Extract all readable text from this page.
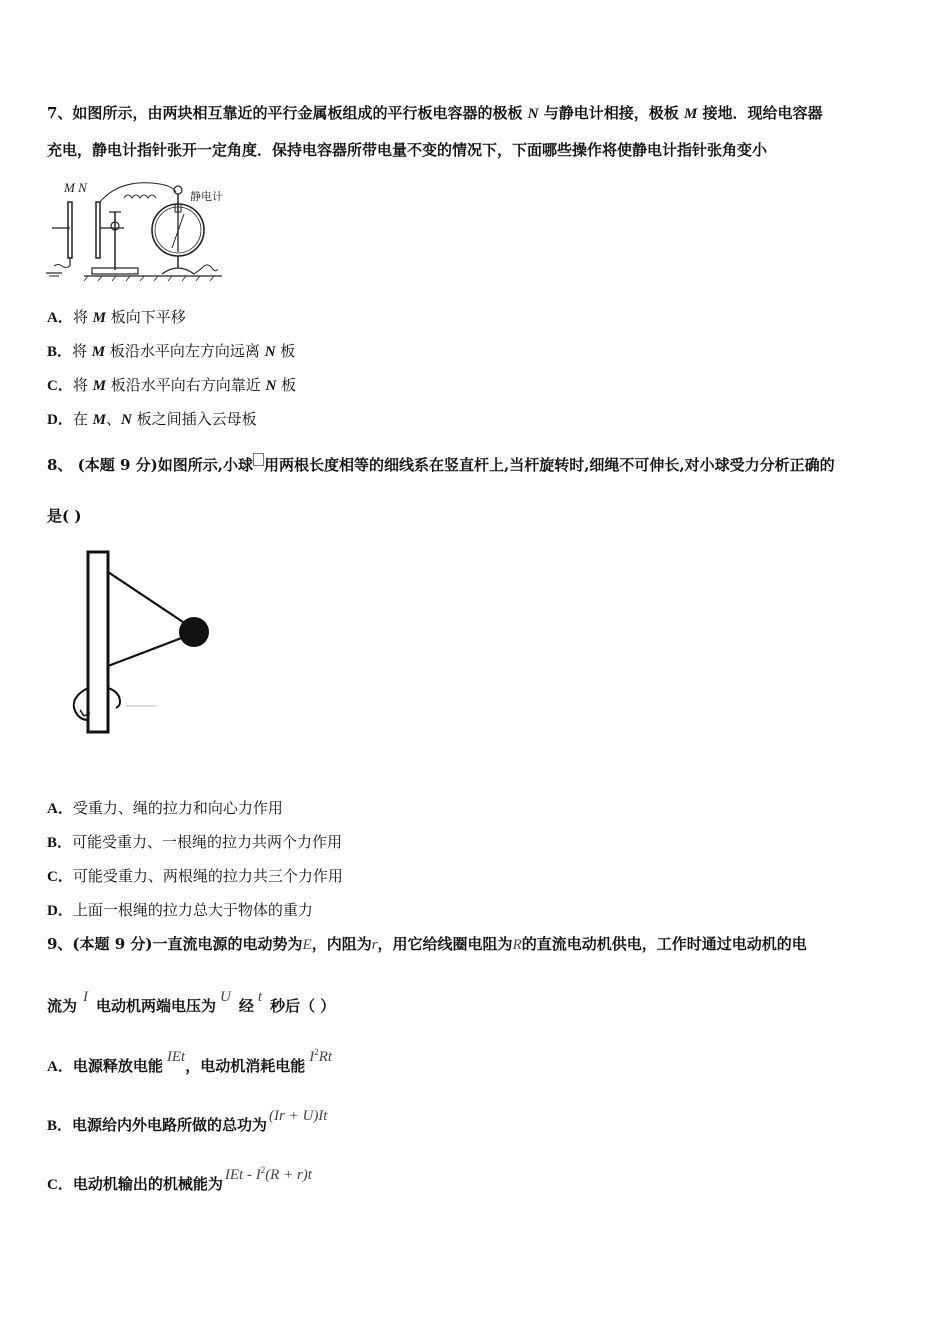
7、如图所示，由两块相互靠近的平行金属板组成的平行板电容器的极板 N 与静电计相接，极板 M 接地．现给电容器
充电，静电计指针张开一定角度．保持电容器所带电量不变的情况下，下面哪些操作将使静电计指针张角变小
M N
静电计
A．将 M 板向下平移
B．将 M 板沿水平向左方向远离 N 板
C．将 M 板沿水平向右方向靠近 N 板
D．在 M、N 板之间插入云母板
8、 (本题 9 分)如图所示,小球 用两根长度相等的细线系在竖直杆上,当杆旋转时,细绳不可伸长,对小球受力分析正确的
是( )
A．受重力、绳的拉力和向心力作用
B．可能受重力、一根绳的拉力共两个力作用
C．可能受重力、两根绳的拉力共三个力作用
D．上面一根绳的拉力总大于物体的重力
9、(本题 9 分)一直流电源的电动势为E，内阻为r，用它给线圈电阻为R的直流电动机供电，工作时通过电动机的电
流为 I 电动机两端电压为 U 经 t 秒后（ ）
A．电源释放电能 IEt，电动机消耗电能 $I^2Rt$
B．电源给内外电路所做的总功为 (Ir + U)It
C．电动机输出的机械能为 IEt - $I^2(R + r)t$
